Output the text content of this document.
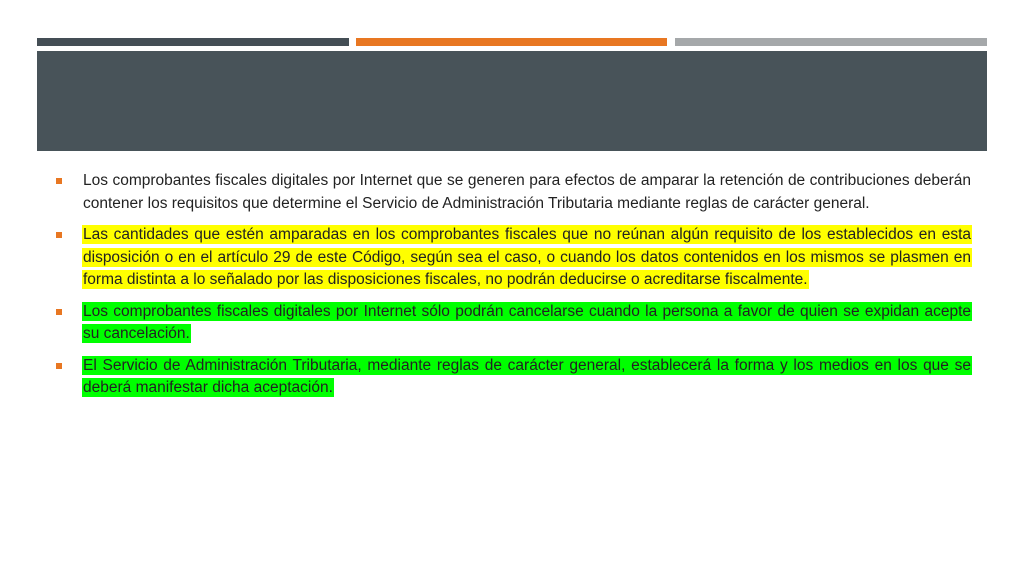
Los comprobantes fiscales digitales por Internet que se generen para efectos de amparar la retención de contribuciones deberán contener los requisitos que determine el Servicio de Administración Tributaria mediante reglas de carácter general.
Las cantidades que estén amparadas en los comprobantes fiscales que no reúnan algún requisito de los establecidos en esta disposición o en el artículo 29 de este Código, según sea el caso, o cuando los datos contenidos en los mismos se plasmen en forma distinta a lo señalado por las disposiciones fiscales, no podrán deducirse o acreditarse fiscalmente.
Los comprobantes fiscales digitales por Internet sólo podrán cancelarse cuando la persona a favor de quien se expidan acepte su cancelación.
El Servicio de Administración Tributaria, mediante reglas de carácter general, establecerá la forma y los medios en los que se deberá manifestar dicha aceptación.
